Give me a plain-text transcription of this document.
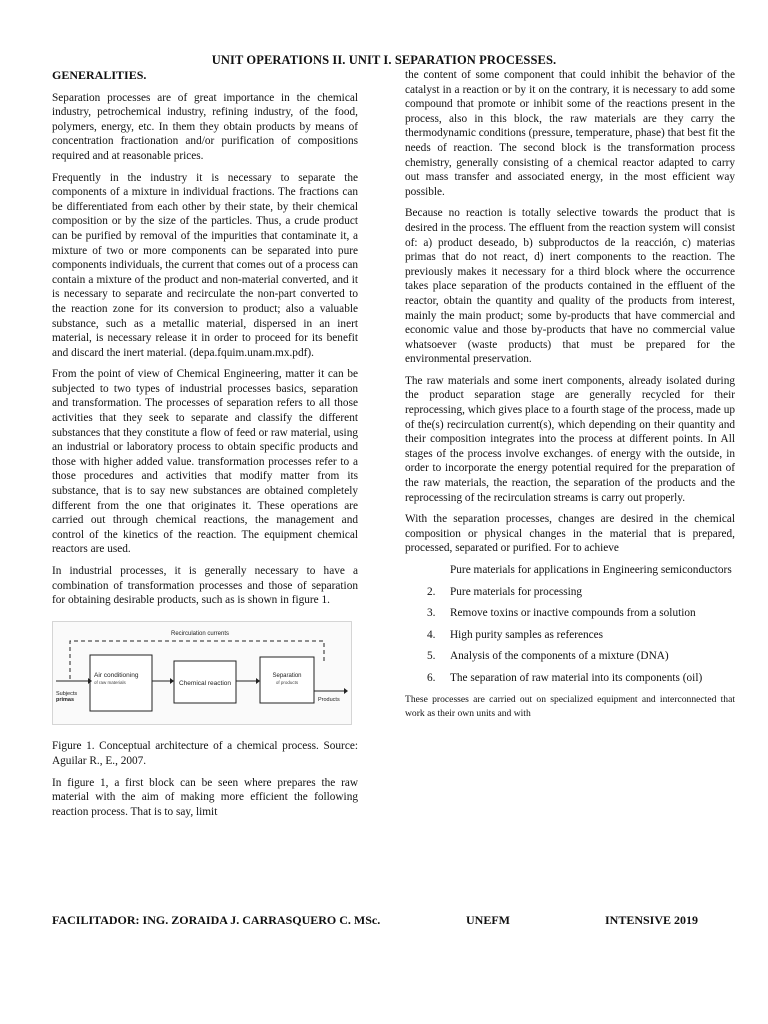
UNIT OPERATIONS II. UNIT I. SEPARATION PROCESSES.
GENERALITIES.

Separation processes are of great importance in the chemical industry, petrochemical industry, refining industry, of the food, polymers, energy, etc. In them they obtain products by means of concentration fractionation and/or purification of compositions required and at reasonable prices.

Frequently in the industry it is necessary to separate the components of a mixture in individual fractions. The fractions can be differentiated from each other by their state, by their chemical composition or by the size of the particles. Thus, a crude product can be purified by removal of the impurities that contaminate it, a mixture of two or more components can be separated into pure components individuals, the current that comes out of a process can contain a mixture of the product and non-material converted, and it is necessary to separate and recirculate the non-part converted to the reaction zone for its conversion to product; also a valuable substance, such as a metallic material, dispersed in an inert material, is necessary release it in order to proceed for its benefit and discard the inert material. (depa.fquim.unam.mx.pdf).

From the point of view of Chemical Engineering, matter it can be subjected to two types of industrial processes basics, separation and transformation. The processes of separation refers to all those activities that they seek to separate and classify the different substances that they constitute a flow of feed or raw material, using an industrial or laboratory process to obtain specific products and those with higher added value. transformation processes refer to a those procedures and activities that modify matter from its substance, that is to say new substances are obtained completely different from the one that originates it. These operations are carried out through chemical reactions, the management and control of the kinetics of the reaction. The equipment chemical reactors are used.

In industrial processes, it is generally necessary to have a combination of transformation processes and those of separation for obtaining desirable products, such as is shown in figure 1.

Recirculation currents
Air conditioning
of raw materials	Chemical reaction
Separation
of products
Subjects
primas	Products

Figure 1. Conceptual architecture of a chemical process. Source: Aguilar R., E., 2007.

In figure 1, a first block can be seen where prepares the raw material with the aim of making more efficient the following reaction process. That is to say, limit

the content of some component that could inhibit the behavior of the catalyst in a reaction or by it on the contrary, it is necessary to add some compound that promote or inhibit some of the reactions present in the process, also in this block, the raw materials are they carry the thermodynamic conditions (pressure, temperature, phase) that best fit the needs of reaction. The second block is the transformation process chemistry, generally consisting of a chemical reactor adapted to carry out mass transfer and associated energy, in the most efficient way possible.

Because no reaction is totally selective towards the product that is desired in the process. The effluent from the reaction system will consist of: a) product deseado, b) subproductos de la reacción, c) materias primas that do not react, d) inert components to the reaction. The previously makes it necessary for a third block where the occurrence takes place separation of the products contained in the effluent of the reactor, obtain the quantity and quality of the products from interest, mainly the main product; some by-products that have commercial and economic value and those by-products that have no commercial value whatsoever (waste products) that must be prepared for the environmental preservation.

The raw materials and some inert components, already isolated during the product separation stage are generally recycled for their reprocessing, which gives place to a fourth stage of the process, made up of the(s) recirculation current(s), which depending on their quantity and their composition integrates into the process at different points. In All stages of the process involve exchanges. of energy with the outside, in order to incorporate the energy potential required for the preparation of the raw materials, the reaction, the separation of the products and the reprocessing of the recirculation streams is carry out properly.

With the separation processes, changes are desired in the chemical composition or physical changes in the material that is prepared, processed, separated or purified. For to achieve

Pure materials for applications in Engineering semiconductors
2. Pure materials for processing
3. Remove toxins or inactive compounds from a solution
4. High purity samples as references
5. Analysis of the components of a mixture (DNA)
6. The separation of raw material into its components (oil)

These processes are carried out on specialized equipment and interconnected that work as their own units and with

FACILITADOR: ING. ZORAIDA J. CARRASQUERO C. MSc.	UNEFM	INTENSIVE 2019
